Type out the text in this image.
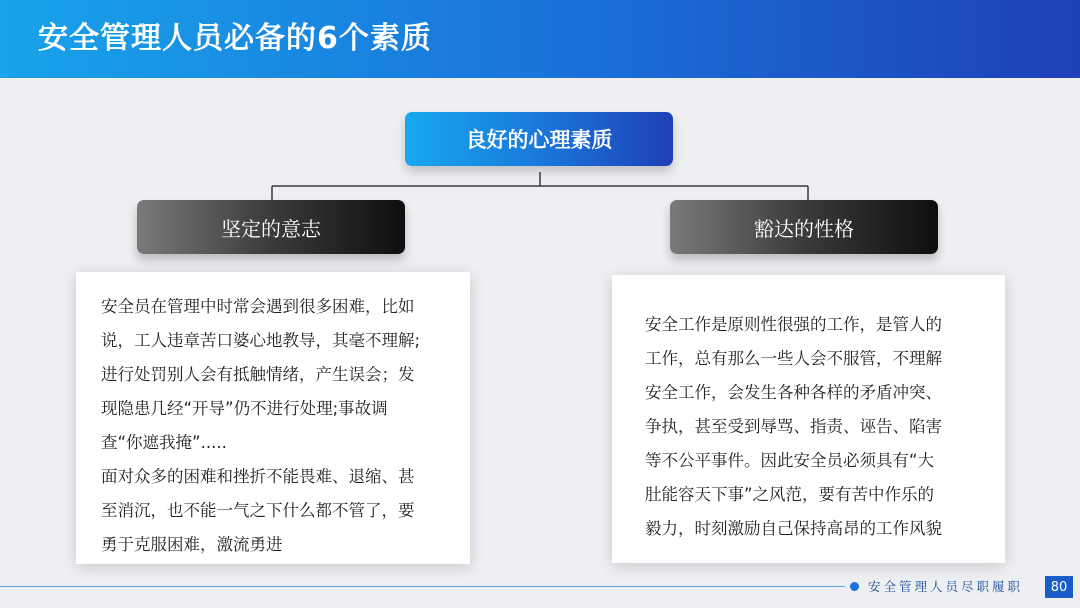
安全管理人员必备的6个素质
良好的心理素质
坚定的意志	豁达的性格

安全员在管理中时常会遇到很多困难，比如

说，工人违章苦口婆心地教导，其毫不理解;

进行处罚别人会有抵触情绪，产生误会；发

现隐患几经“开导”仍不进行处理;事故调

查“你遮我掩”.....

面对众多的困难和挫折不能畏难、退缩、甚

至消沉，也不能一气之下什么都不管了，要

勇于克服困难，激流勇进

安全工作是原则性很强的工作，是管人的

工作，总有那么一些人会不服管，不理解

安全工作，会发生各种各样的矛盾冲突、

争执，甚至受到辱骂、指责、诬告、陷害

等不公平事件。因此安全员必须具有“大

肚能容天下事”之风范，要有苦中作乐的

毅力，时刻激励自己保持高昂的工作风貌

安全管理人员尽职履职	80
